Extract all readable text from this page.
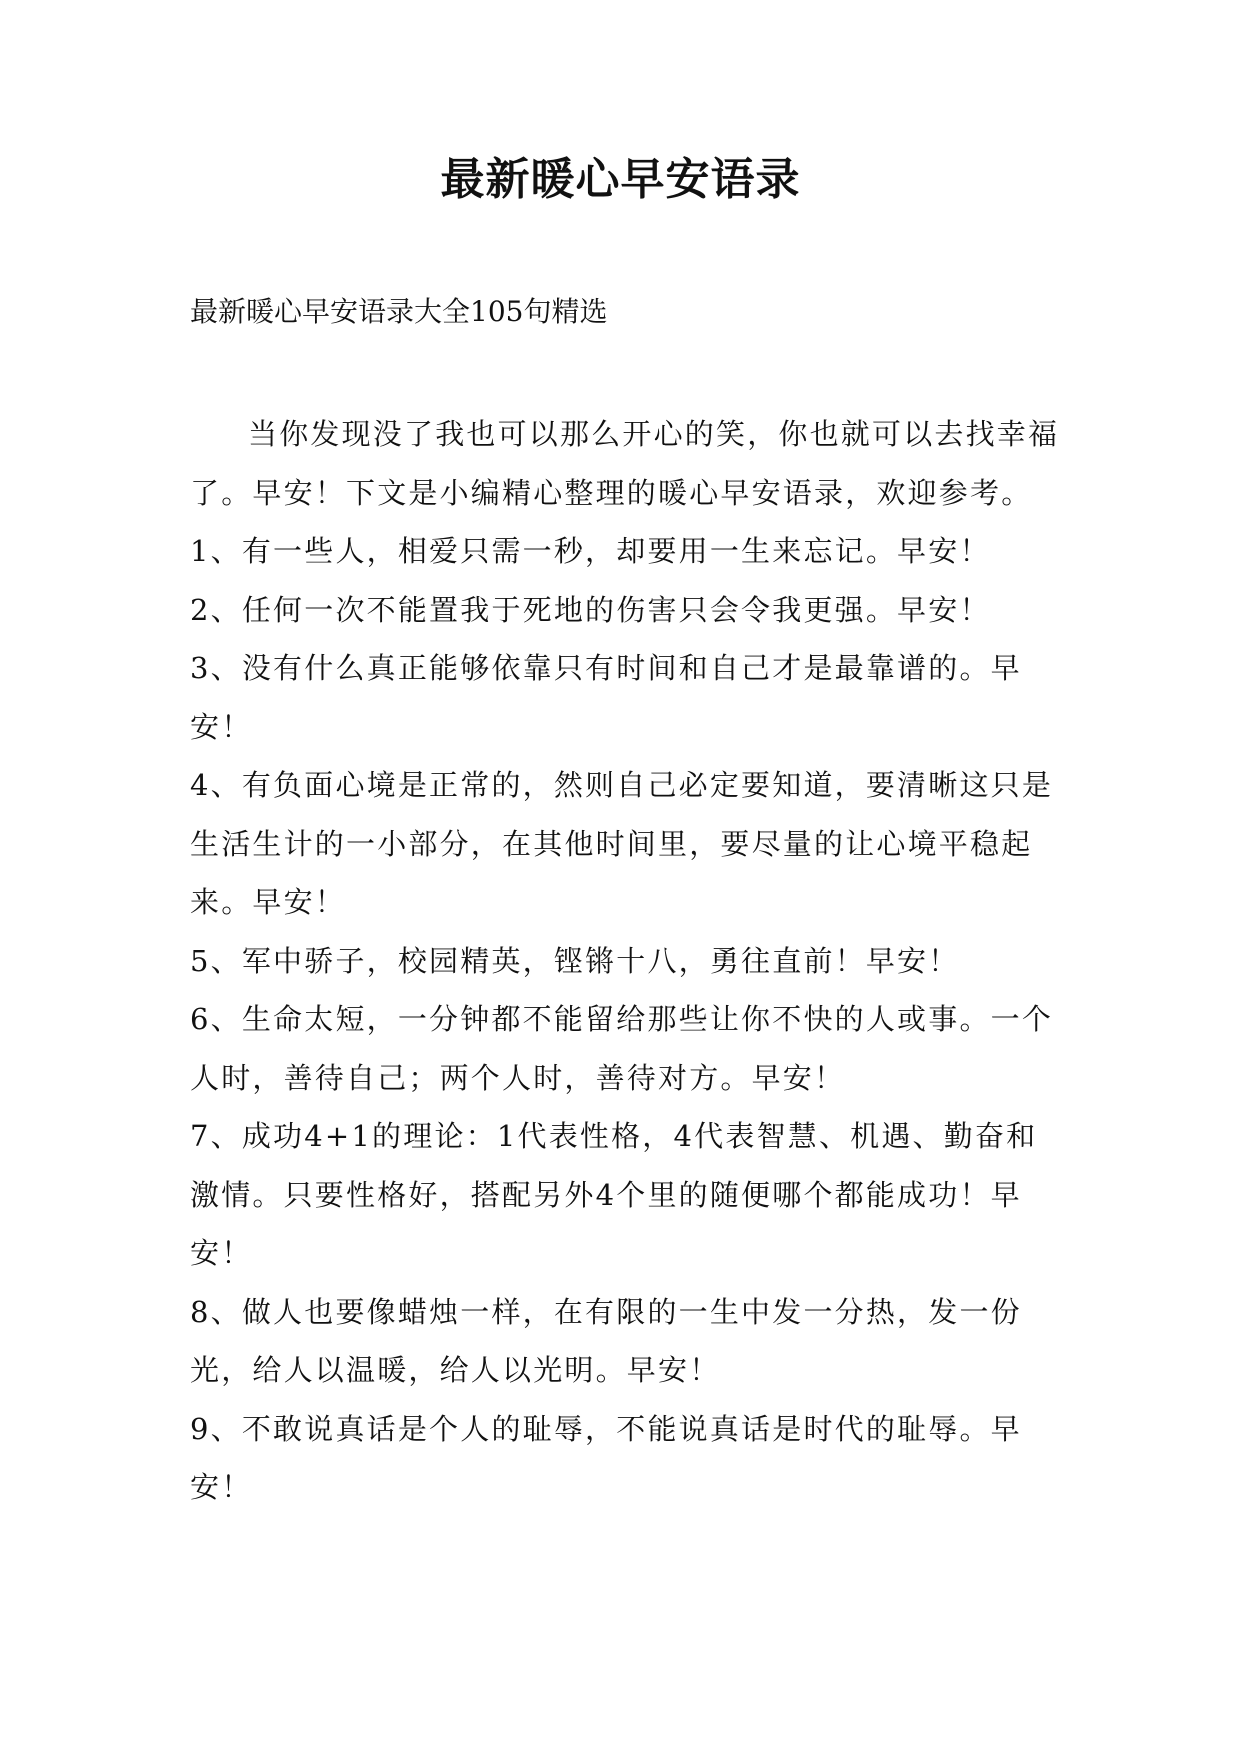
最新暖心早安语录

最新暖心早安语录大全105句精选

当你发现没了我也可以那么开心的笑，你也就可以去找幸福了。早安！下文是小编精心整理的暖心早安语录，欢迎参考。

1、有一些人，相爱只需一秒，却要用一生来忘记。早安！

2、任何一次不能置我于死地的伤害只会令我更强。早安！

3、没有什么真正能够依靠只有时间和自己才是最靠谱的。早安！

4、有负面心境是正常的，然则自己必定要知道，要清晰这只是生活生计的一小部分，在其他时间里，要尽量的让心境平稳起来。早安！

5、军中骄子，校园精英，铿锵十八，勇往直前！早安！

6、生命太短，一分钟都不能留给那些让你不快的人或事。一个人时，善待自己；两个人时，善待对方。早安！

7、成功4+1的理论：1代表性格，4代表智慧、机遇、勤奋和激情。只要性格好，搭配另外4个里的随便哪个都能成功！早安！

8、做人也要像蜡烛一样，在有限的一生中发一分热，发一份光，给人以温暖，给人以光明。早安！

9、不敢说真话是个人的耻辱，不能说真话是时代的耻辱。早安！
